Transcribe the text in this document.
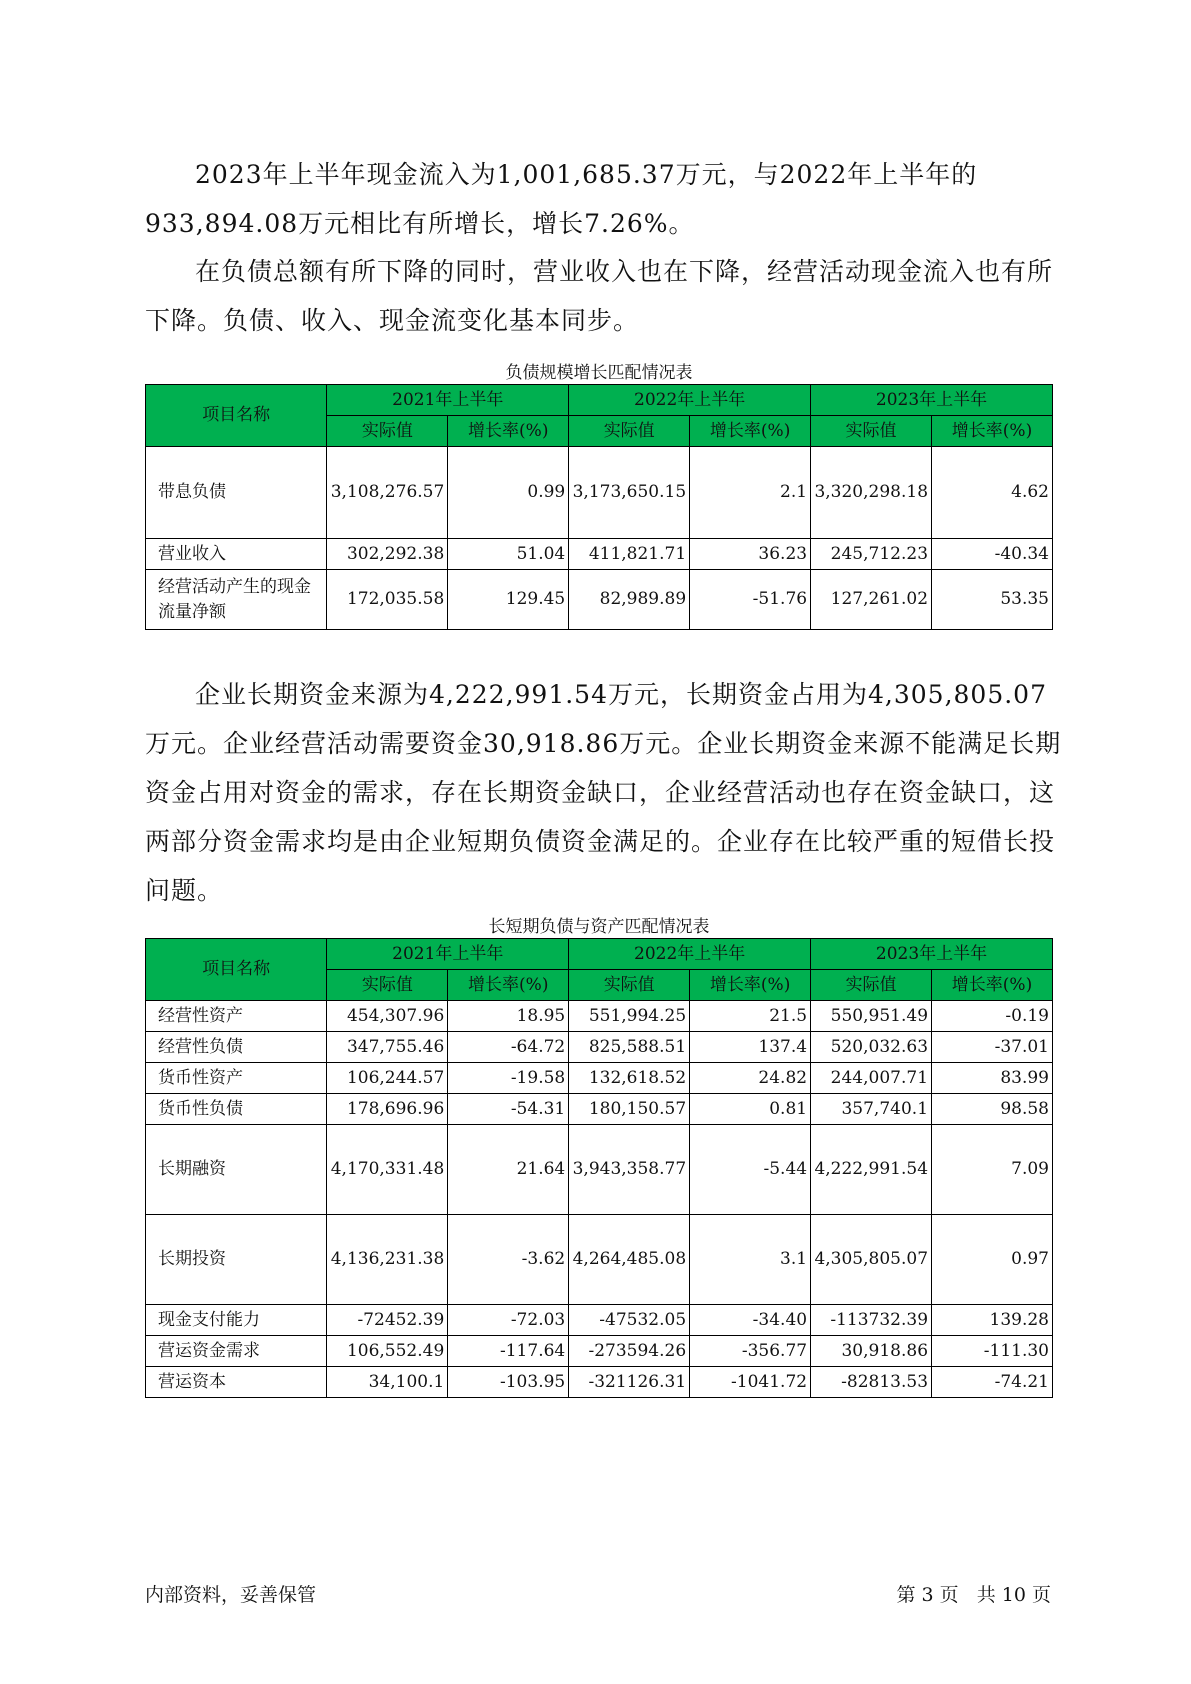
2023年上半年现金流入为1,001,685.37万元，与2022年上半年的933,894.08万元相比有所增长，增长7.26%。

在负债总额有所下降的同时，营业收入也在下降，经营活动现金流入也有所下降。负债、收入、现金流变化基本同步。

负债规模增长匹配情况表
项目名称	2021年上半年		2022年上半年		2023年上半年	
	实际值	增长率(%)	实际值	增长率(%)	实际值	增长率(%)
带息负债	3,108,276.57	0.99	3,173,650.15	2.1	3,320,298.18	4.62
营业收入	302,292.38	51.04	411,821.71	36.23	245,712.23	-40.34
经营活动产生的现金流量净额	172,035.58	129.45	82,989.89	-51.76	127,261.02	53.35

企业长期资金来源为4,222,991.54万元，长期资金占用为4,305,805.07万元。企业经营活动需要资金30,918.86万元。企业长期资金来源不能满足长期资金占用对资金的需求，存在长期资金缺口，企业经营活动也存在资金缺口，这两部分资金需求均是由企业短期负债资金满足的。企业存在比较严重的短借长投问题。

长短期负债与资产匹配情况表
项目名称	2021年上半年		2022年上半年		2023年上半年	
	实际值	增长率(%)	实际值	增长率(%)	实际值	增长率(%)
经营性资产	454,307.96	18.95	551,994.25	21.5	550,951.49	-0.19
经营性负债	347,755.46	-64.72	825,588.51	137.4	520,032.63	-37.01
货币性资产	106,244.57	-19.58	132,618.52	24.82	244,007.71	83.99
货币性负债	178,696.96	-54.31	180,150.57	0.81	357,740.1	98.58
长期融资	4,170,331.48	21.64	3,943,358.77	-5.44	4,222,991.54	7.09
长期投资	4,136,231.38	-3.62	4,264,485.08	3.1	4,305,805.07	0.97
现金支付能力	-72452.39	-72.03	-47532.05	-34.40	-113732.39	139.28
营运资金需求	106,552.49	-117.64	-273594.26	-356.77	30,918.86	-111.30
营运资本	34,100.1	-103.95	-321126.31	-1041.72	-82813.53	-74.21
内部资料，妥善保管	第 3 页   共 10 页
